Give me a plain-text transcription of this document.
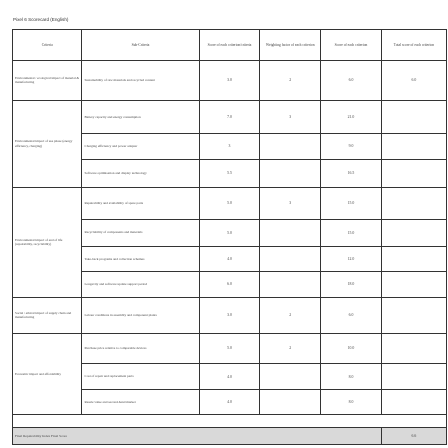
Pixel 6 Scorecard (English)
Criteria	Sub-Criteria	Score of each criterion/criteria	Weighting factor of each criterion	Score of each criterion	Total score of each criterion
Environmental / ecological impact of material & manufacturing	Sustainability of raw materials and recycled content	3.0	2	6.0	6.0
Environmental impact of use phase (energy efficiency, charging)	Battery capacity and energy consumption	7.0	3	21.0	
	Charging efficiency and power adapter	3		9.0	
	Software optimisation and display technology	5.5		16.5	
Environmental impact of end of life (repairability, recyclability)	Repairability and availability of spare parts	5.0	3	15.0	
	Recyclability of components and materials	5.0		15.0	
	Take-back programs and collection schemes	4.0		12.0	
	Longevity and software update support period	6.0		18.0	
Social / ethical impact of supply chain and manufacturing	Labour conditions in assembly and component plants	3.0	2	6.0	
Economic impact and affordability	Purchase price relative to comparable devices	5.0	2	10.0	
	Cost of repair and replacement parts	4.0		8.0	
	Resale value and second-hand market	4.0		8.0	

Final Repairability Index Final Score					6.6
